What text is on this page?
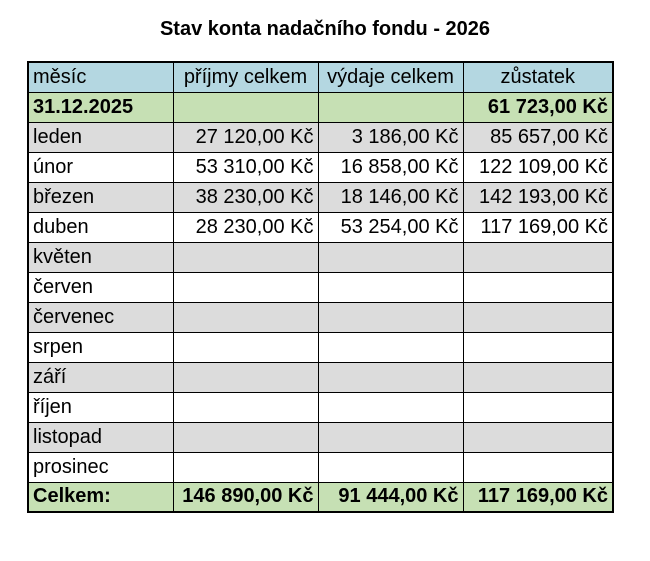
Stav konta nadačního fondu - 2026
měsíc	příjmy celkem	výdaje celkem	zůstatek
31.12.2025			61 723,00 Kč
leden	27 120,00 Kč	3 186,00 Kč	85 657,00 Kč
únor	53 310,00 Kč	16 858,00 Kč	122 109,00 Kč
březen	38 230,00 Kč	18 146,00 Kč	142 193,00 Kč
duben	28 230,00 Kč	53 254,00 Kč	117 169,00 Kč
květen			
červen			
červenec			
srpen			
září			
říjen			
listopad			
prosinec			
Celkem:	146 890,00 Kč	91 444,00 Kč	117 169,00 Kč
